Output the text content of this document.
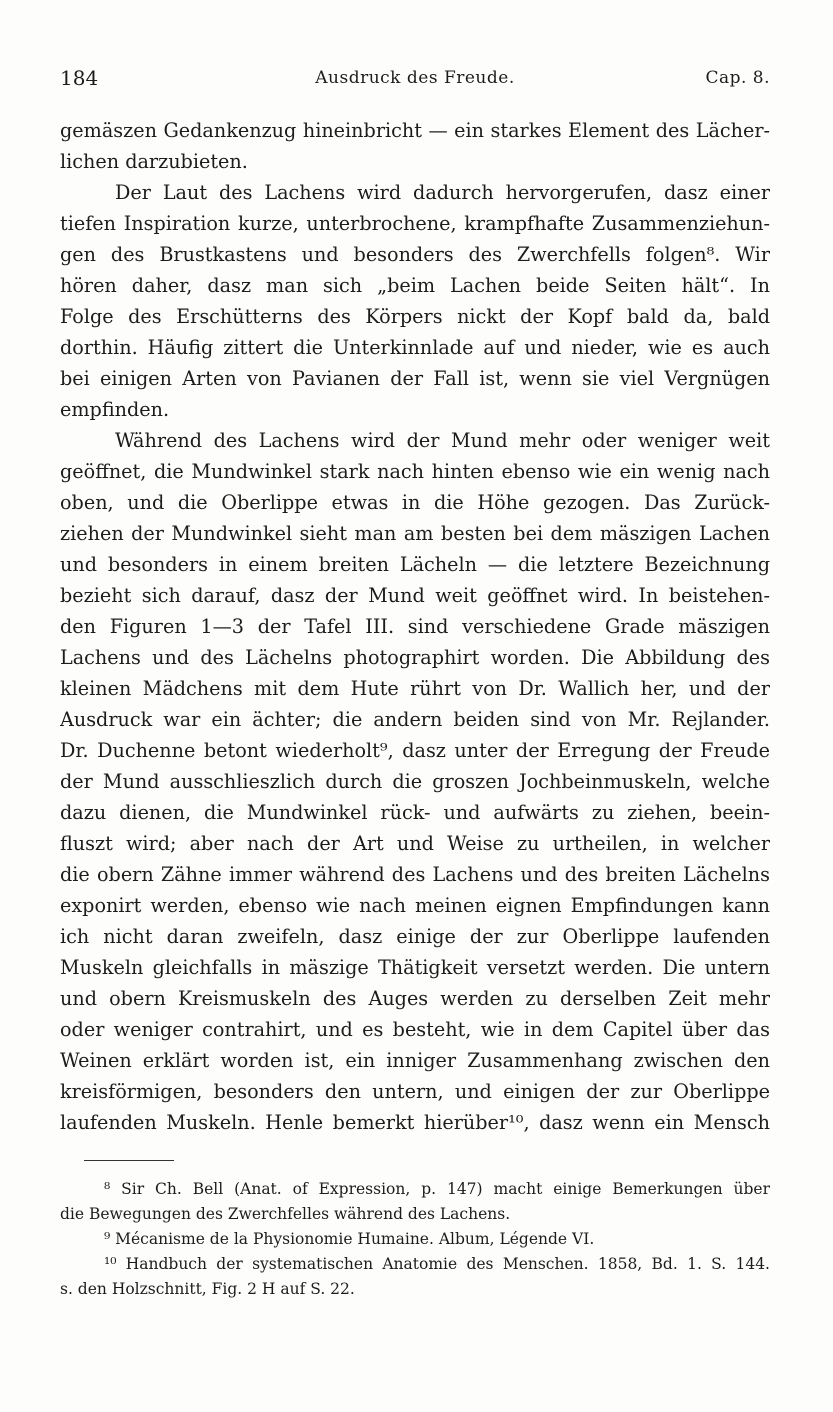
184	Ausdruck des Freude.	Cap. 8.
gemäszen Gedankenzug hineinbricht — ein starkes Element des Lächer-
lichen darzubieten.
Der Laut des Lachens wird dadurch hervorgerufen, dasz einer
tiefen Inspiration kurze, unterbrochene, krampfhafte Zusammenziehun-
gen des Brustkastens und besonders des Zwerchfells folgen⁸. Wir
hören daher, dasz man sich „beim Lachen beide Seiten hält“. In
Folge des Erschütterns des Körpers nickt der Kopf bald da, bald
dorthin. Häufig zittert die Unterkinnlade auf und nieder, wie es auch
bei einigen Arten von Pavianen der Fall ist, wenn sie viel Vergnügen
empfinden.
Während des Lachens wird der Mund mehr oder weniger weit
geöffnet, die Mundwinkel stark nach hinten ebenso wie ein wenig nach
oben, und die Oberlippe etwas in die Höhe gezogen. Das Zurück-
ziehen der Mundwinkel sieht man am besten bei dem mäszigen Lachen
und besonders in einem breiten Lächeln — die letztere Bezeichnung
bezieht sich darauf, dasz der Mund weit geöffnet wird. In beistehen-
den Figuren 1—3 der Tafel III. sind verschiedene Grade mäszigen
Lachens und des Lächelns photographirt worden. Die Abbildung des
kleinen Mädchens mit dem Hute rührt von Dr. Wallich her, und der
Ausdruck war ein ächter; die andern beiden sind von Mr. Rejlander.
Dr. Duchenne betont wiederholt⁹, dasz unter der Erregung der Freude
der Mund ausschlieszlich durch die groszen Jochbeinmuskeln, welche
dazu dienen, die Mundwinkel rück- und aufwärts zu ziehen, beein-
fluszt wird; aber nach der Art und Weise zu urtheilen, in welcher
die obern Zähne immer während des Lachens und des breiten Lächelns
exponirt werden, ebenso wie nach meinen eignen Empfindungen kann
ich nicht daran zweifeln, dasz einige der zur Oberlippe laufenden
Muskeln gleichfalls in mäszige Thätigkeit versetzt werden. Die untern
und obern Kreismuskeln des Auges werden zu derselben Zeit mehr
oder weniger contrahirt, und es besteht, wie in dem Capitel über das
Weinen erklärt worden ist, ein inniger Zusammenhang zwischen den
kreisförmigen, besonders den untern, und einigen der zur Oberlippe
laufenden Muskeln. Henle bemerkt hierüber¹⁰, dasz wenn ein Mensch
⁸ Sir Ch. Bell (Anat. of Expression, p. 147) macht einige Bemerkungen über
die Bewegungen des Zwerchfelles während des Lachens.
⁹ Mécanisme de la Physionomie Humaine. Album, Légende VI.
¹⁰ Handbuch der systematischen Anatomie des Menschen. 1858, Bd. 1. S. 144.
s. den Holzschnitt, Fig. 2 H auf S. 22.
